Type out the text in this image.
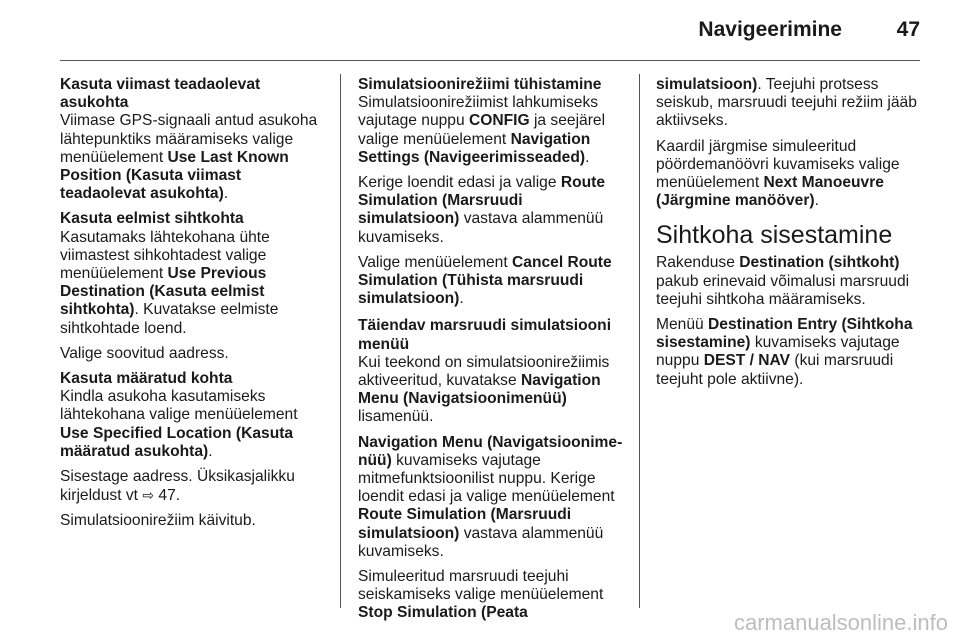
Navigeerimine	47
Kasuta viimast teadaolevat asukohta

Viimase GPS-signaali antud asukoha lähtepunktiks määramiseks valige menüüelement Use Last Known Position (Kasuta viimast teadaolevat asukohta).

Kasuta eelmist sihtkohta

Kasutamaks lähtekohana ühte viimastest sihkohtadest valige menüüelement Use Previous Destination (Kasuta eelmist sihtkohta). Kuvatakse eelmiste sihtkohtade loend.

Valige soovitud aadress.

Kasuta määratud kohta

Kindla asukoha kasutamiseks lähtekohana valige menüüelement Use Specified Location (Kasuta määratud asukohta).

Sisestage aadress. Üksikasjalikku kirjeldust vt ⇨ 47.

Simulatsioonirežiim käivitub.

Simulatsioonirežiimi tühistamine

Simulatsioonirežiimist lahkumiseks vajutage nuppu CONFIG ja seejärel valige menüüelement Navigation Settings (Navigeerimisseaded).

Kerige loendit edasi ja valige Route Simulation (Marsruudi simulatsioon) vastava alammenüü kuvamiseks.

Valige menüüelement Cancel Route Simulation (Tühista marsruudi simulatsioon).

Täiendav marsruudi simulatsiooni menüü

Kui teekond on simulatsioonirežiimis aktiveeritud, kuvatakse Navigation Menu (Navigatsioonimenüü) lisamenüü.

Navigation Menu (Navigatsioonime-nüü) kuvamiseks vajutage mitmefunktsioonilist nuppu. Kerige loendit edasi ja valige menüüelement Route Simulation (Marsruudi simulatsioon) vastava alammenüü kuvamiseks.

Simuleeritud marsruudi teejuhi seiskamiseks valige menüüelement Stop Simulation (Peata

simulatsioon). Teejuhi protsess seiskub, marsruudi teejuhi režiim jääb aktiivseks.

Kaardil järgmise simuleeritud pöördemanöövri kuvamiseks valige menüüelement Next Manoeuvre (Järgmine manööver).

Sihtkoha sisestamine

Rakenduse Destination (sihtkoht) pakub erinevaid võimalusi marsruudi teejuhi sihtkoha määramiseks.

Menüü Destination Entry (Sihtkoha sisestamine) kuvamiseks vajutage nuppu DEST / NAV (kui marsruudi teejuht pole aktiivne).

carmanualsonline.info
